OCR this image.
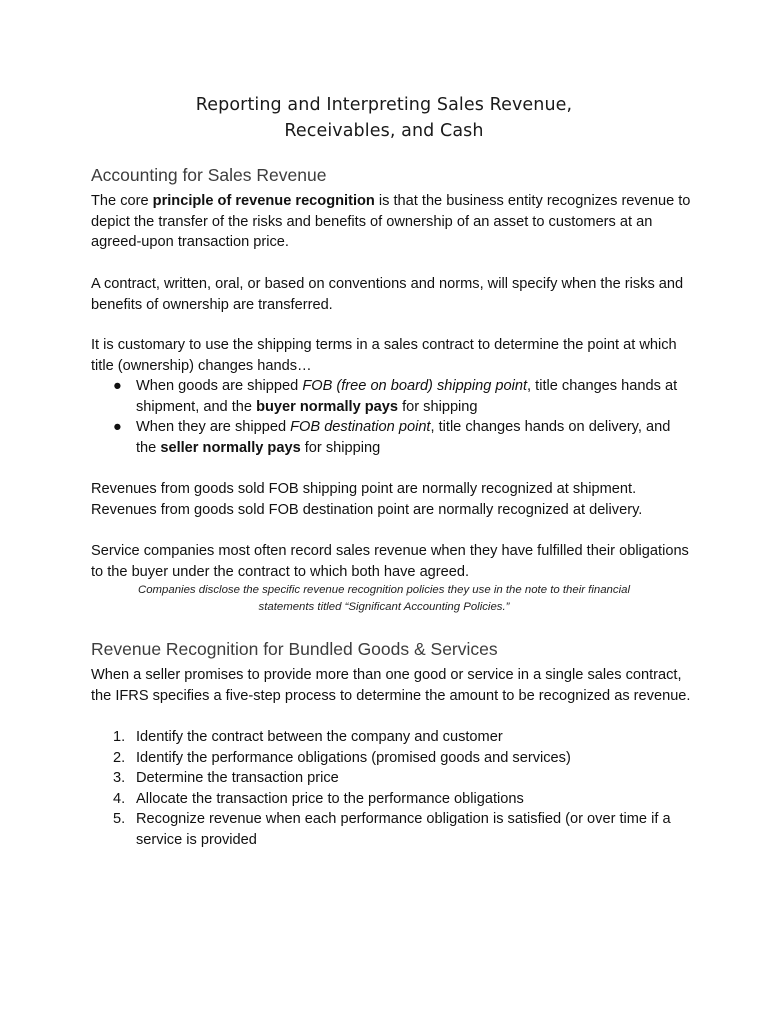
Reporting and Interpreting Sales Revenue,
Receivables, and Cash
Accounting for Sales Revenue
The core principle of revenue recognition is that the business entity recognizes revenue to depict the transfer of the risks and benefits of ownership of an asset to customers at an agreed-upon transaction price.
A contract, written, oral, or based on conventions and norms, will specify when the risks and benefits of ownership are transferred.
It is customary to use the shipping terms in a sales contract to determine the point at which title (ownership) changes hands…
● When goods are shipped FOB (free on board) shipping point, title changes hands at shipment, and the buyer normally pays for shipping
● When they are shipped FOB destination point, title changes hands on delivery, and the seller normally pays for shipping
Revenues from goods sold FOB shipping point are normally recognized at shipment.
Revenues from goods sold FOB destination point are normally recognized at delivery.
Service companies most often record sales revenue when they have fulfilled their obligations to the buyer under the contract to which both have agreed.
Companies disclose the specific revenue recognition policies they use in the note to their financial
statements titled “Significant Accounting Policies.”
Revenue Recognition for Bundled Goods & Services
When a seller promises to provide more than one good or service in a single sales contract, the IFRS specifies a five-step process to determine the amount to be recognized as revenue.
1. Identify the contract between the company and customer
2. Identify the performance obligations (promised goods and services)
3. Determine the transaction price
4. Allocate the transaction price to the performance obligations
5. Recognize revenue when each performance obligation is satisfied (or over time if a service is provided
